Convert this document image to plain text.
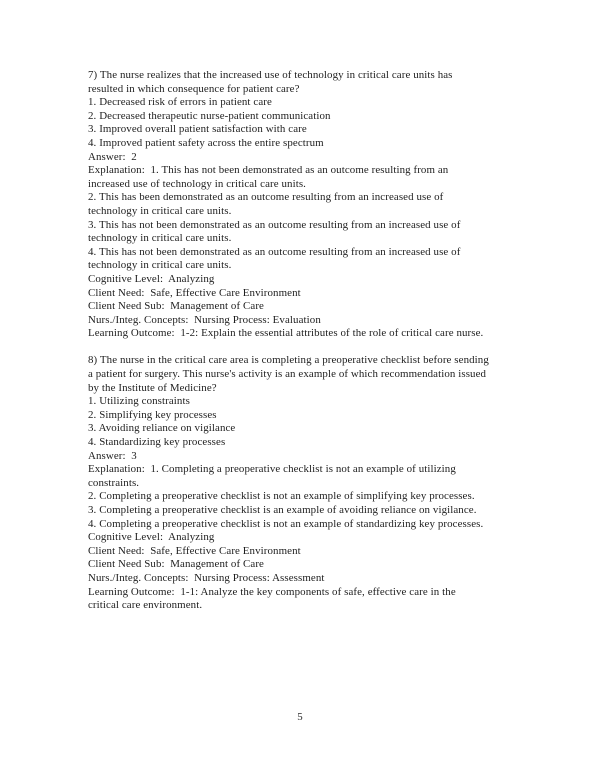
7) The nurse realizes that the increased use of technology in critical care units has
resulted in which consequence for patient care?
1. Decreased risk of errors in patient care
2. Decreased therapeutic nurse-patient communication
3. Improved overall patient satisfaction with care
4. Improved patient safety across the entire spectrum
Answer:  2
Explanation:  1. This has not been demonstrated as an outcome resulting from an
increased use of technology in critical care units.
2. This has been demonstrated as an outcome resulting from an increased use of
technology in critical care units.
3. This has not been demonstrated as an outcome resulting from an increased use of
technology in critical care units.
4. This has not been demonstrated as an outcome resulting from an increased use of
technology in critical care units.
Cognitive Level:  Analyzing
Client Need:  Safe, Effective Care Environment
Client Need Sub:  Management of Care
Nurs./Integ. Concepts:  Nursing Process: Evaluation
Learning Outcome:  1-2: Explain the essential attributes of the role of critical care nurse.
8) The nurse in the critical care area is completing a preoperative checklist before sending
a patient for surgery. This nurse's activity is an example of which recommendation issued
by the Institute of Medicine?
1. Utilizing constraints
2. Simplifying key processes
3. Avoiding reliance on vigilance
4. Standardizing key processes
Answer:  3
Explanation:  1. Completing a preoperative checklist is not an example of utilizing
constraints.
2. Completing a preoperative checklist is not an example of simplifying key processes.
3. Completing a preoperative checklist is an example of avoiding reliance on vigilance.
4. Completing a preoperative checklist is not an example of standardizing key processes.
Cognitive Level:  Analyzing
Client Need:  Safe, Effective Care Environment
Client Need Sub:  Management of Care
Nurs./Integ. Concepts:  Nursing Process: Assessment
Learning Outcome:  1-1: Analyze the key components of safe, effective care in the
critical care environment.
5
